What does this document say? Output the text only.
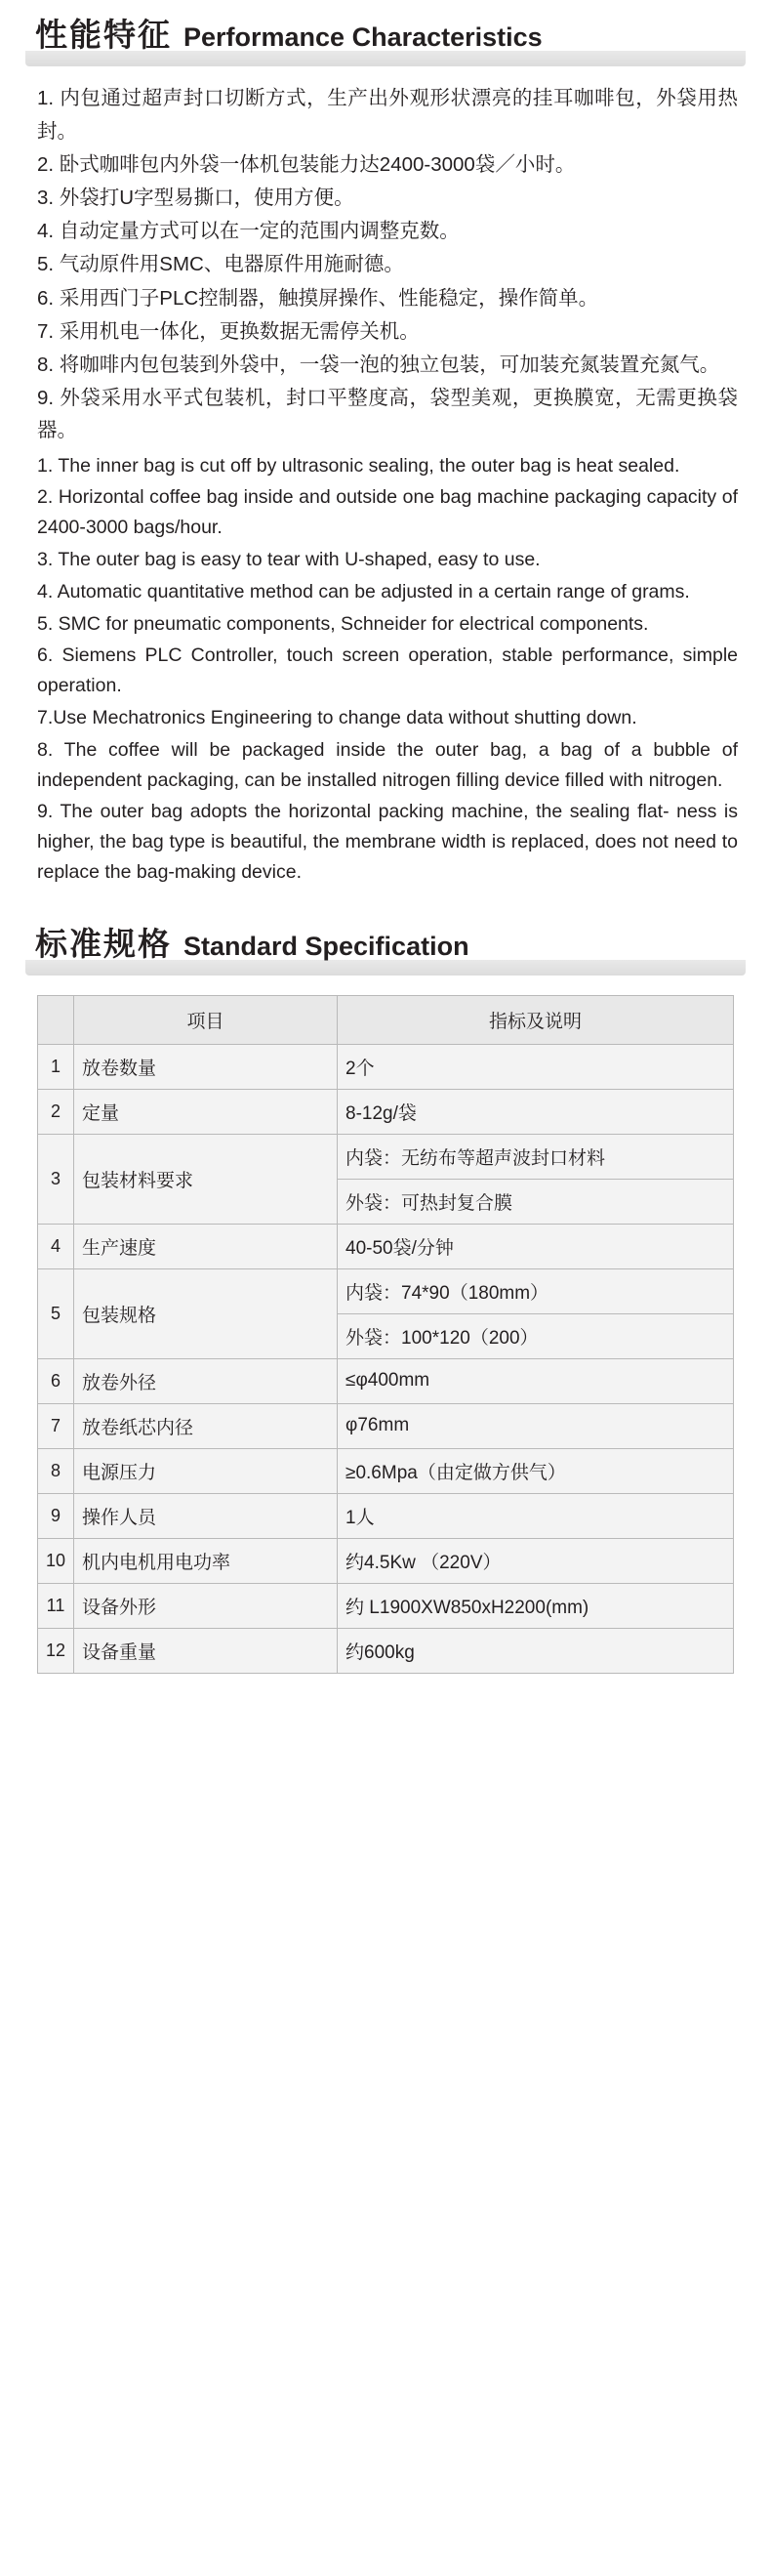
性能特征 Performance Characteristics

1. 内包通过超声封口切断方式，生产出外观形状漂亮的挂耳咖啡包，外袋用热封。

2. 卧式咖啡包内外袋一体机包装能力达2400-3000袋／小时。

3. 外袋打U字型易撕口，使用方便。

4. 自动定量方式可以在一定的范围内调整克数。

5. 气动原件用SMC、电器原件用施耐德。

6. 采用西门子PLC控制器，触摸屏操作、性能稳定，操作简单。

7. 采用机电一体化，更换数据无需停关机。

8. 将咖啡内包包装到外袋中，一袋一泡的独立包装，可加装充氮装置充氮气。

9. 外袋采用水平式包装机，封口平整度高，袋型美观，更换膜宽，无需更换袋器。

1. The inner bag is cut off by ultrasonic sealing, the outer bag is heat sealed.

2. Horizontal coffee bag inside and outside one bag machine packaging capacity of 2400-3000 bags/hour.

3. The outer bag is easy to tear with U-shaped, easy to use.

4. Automatic quantitative method can be adjusted in a certain range of grams.

5. SMC for pneumatic components, Schneider for electrical components.

6. Siemens PLC Controller, touch screen operation, stable performance, simple operation.

7.Use Mechatronics Engineering to change data without shutting down.

8. The coffee will be packaged inside the outer bag, a bag of a bubble of independent packaging, can be installed nitrogen filling device filled with nitrogen.

9. The outer bag adopts the horizontal packing machine, the sealing flat- ness is higher, the bag type is beautiful, the membrane width is replaced, does not need to replace the bag-making device.

标准规格 Standard Specification
	项目	指标及说明
1	放卷数量	2个
2	定量	8-12g/袋
3	包装材料要求	内袋：无纺布等超声波封口材料
		外袋：可热封复合膜
4	生产速度	40-50袋/分钟
5	包装规格	内袋：74*90（180mm）
		外袋：100*120（200）
6	放卷外径	≤φ400mm
7	放卷纸芯内径	φ76mm
8	电源压力	≥0.6Mpa（由定做方供气）
9	操作人员	1人
10	机内电机用电功率	约4.5Kw （220V）
11	设备外形	约 L1900XW850xH2200(mm)
12	设备重量	约600kg
